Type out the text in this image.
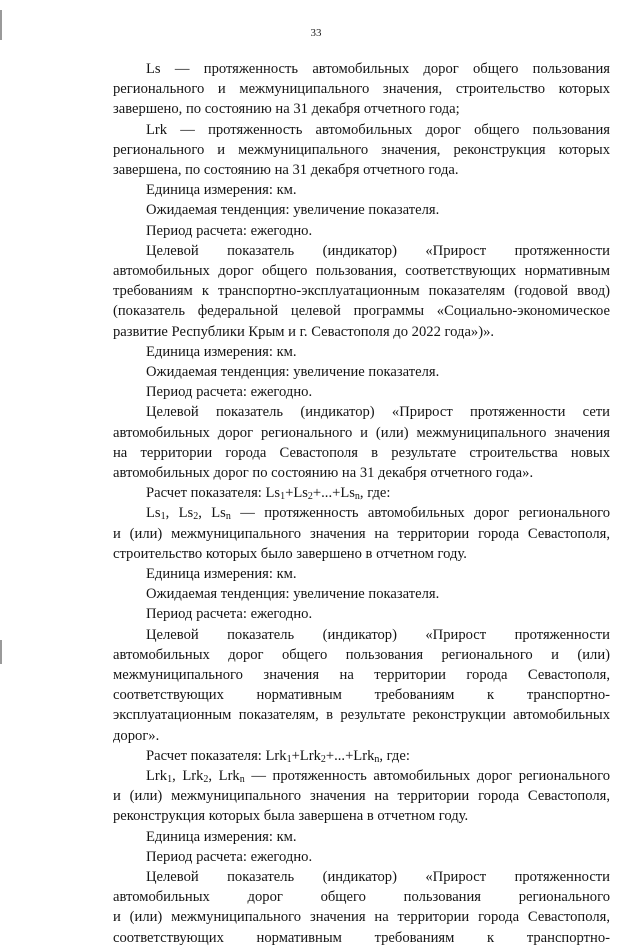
33
Ls — протяженность автомобильных дорог общего пользования
регионального и межмуниципального значения, строительство которых
завершено, по состоянию на 31 декабря отчетного года;
Lrk — протяженность автомобильных дорог общего пользования
регионального и межмуниципального значения, реконструкция которых
завершена, по состоянию на 31 декабря отчетного года.
Единица измерения: км.
Ожидаемая тенденция: увеличение показателя.
Период расчета: ежегодно.
Целевой показатель (индикатор) «Прирост протяженности
автомобильных дорог общего пользования, соответствующих нормативным
требованиям к транспортно-эксплуатационным показателям (годовой ввод)
(показатель федеральной целевой программы «Социально-экономическое
развитие Республики Крым и г. Севастополя до 2022 года»)».
Единица измерения: км.
Ожидаемая тенденция: увеличение показателя.
Период расчета: ежегодно.
Целевой показатель (индикатор) «Прирост протяженности сети
автомобильных дорог регионального и (или) межмуниципального значения
на территории города Севастополя в результате строительства новых
автомобильных дорог по состоянию на 31 декабря отчетного года».
Расчет показателя: $Ls_1+Ls_2+...+Ls_n$, где:
$Ls_1$, $Ls_2$, $Ls_n$ — протяженность автомобильных дорог регионального
и (или) межмуниципального значения на территории города Севастополя,
строительство которых было завершено в отчетном году.
Единица измерения: км.
Ожидаемая тенденция: увеличение показателя.
Период расчета: ежегодно.
Целевой показатель (индикатор) «Прирост протяженности
автомобильных дорог общего пользования регионального и (или)
межмуниципального значения на территории города Севастополя,
соответствующих нормативным требованиям к транспортно-
эксплуатационным показателям, в результате реконструкции автомобильных
дорог».
Расчет показателя: Lrk$_1$+Lrk$_2$+...+Lrk$_n$, где:
Lrk$_1$, Lrk$_2$, Lrk$_n$ — протяженность автомобильных дорог регионального
и (или) межмуниципального значения на территории города Севастополя,
реконструкция которых была завершена в отчетном году.
Единица измерения: км.
Период расчета: ежегодно.
Целевой показатель (индикатор) «Прирост протяженности
автомобильных дорог общего пользования регионального
и (или) межмуниципального значения на территории города Севастополя,
соответствующих нормативным требованиям к транспортно-
